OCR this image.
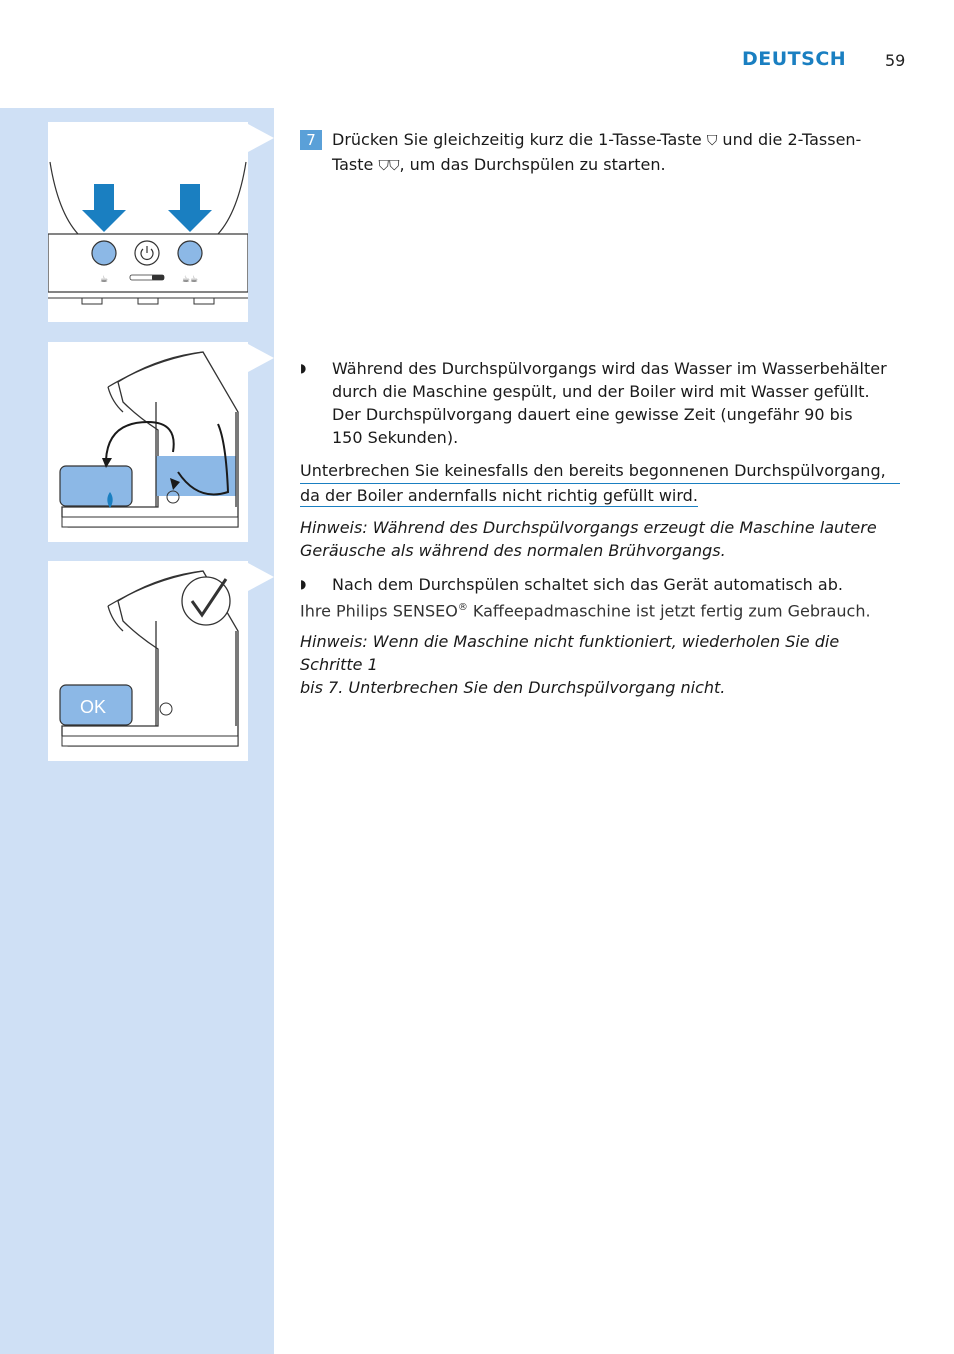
DEUTSCH 59
☕	☕☕
OK
7	Drücken Sie gleichzeitig kurz die 1-Tasse-Taste ⛉ und die 2-Tassen-
Taste ⛉⛉, um das Durchspülen zu starten.
◗	Während des Durchspülvorgangs wird das Wasser im Wasserbehälter
durch die Maschine gespült, und der Boiler wird mit Wasser gefüllt.
Der Durchspülvorgang dauert eine gewisse Zeit (ungefähr 90 bis
150 Sekunden).
Unterbrechen Sie keinesfalls den bereits begonnenen Durchspülvorgang,
da der Boiler andernfalls nicht richtig gefüllt wird.
Hinweis: Während des Durchspülvorgangs erzeugt die Maschine lautere
Geräusche als während des normalen Brühvorgangs.
◗	Nach dem Durchspülen schaltet sich das Gerät automatisch ab.
Ihre Philips SENSEO® Kaffeepadmaschine ist jetzt fertig zum Gebrauch.
Hinweis: Wenn die Maschine nicht funktioniert, wiederholen Sie die Schritte 1
bis 7. Unterbrechen Sie den Durchspülvorgang nicht.
